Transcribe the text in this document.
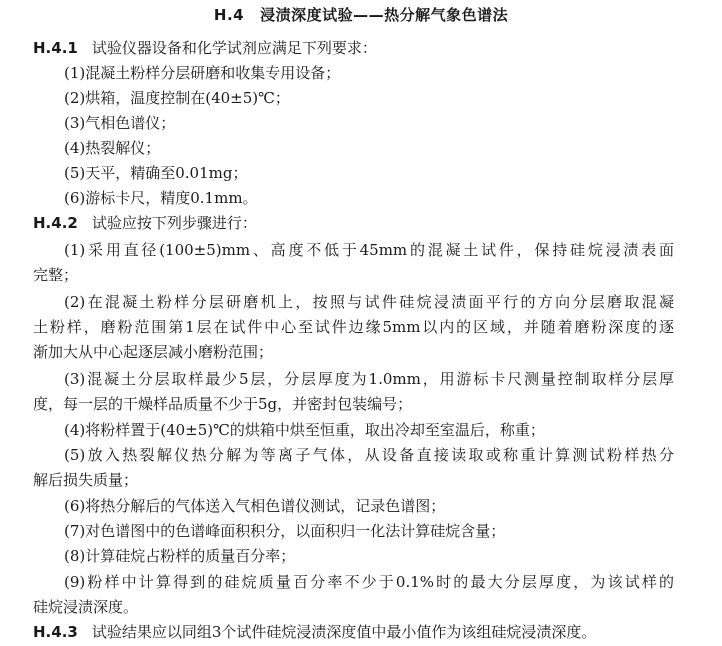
H.4 浸渍深度试验——热分解气象色谱法
H.4.1 试验仪器设备和化学试剂应满足下列要求：
(1)混凝土粉样分层研磨和收集专用设备；
(2)烘箱，温度控制在(40±5)℃；
(3)气相色谱仪；
(4)热裂解仪；
(5)天平，精确至0.01mg；
(6)游标卡尺，精度0.1mm。
H.4.2 试验应按下列步骤进行：
(1)采用直径(100±5)mm、高度不低于45mm的混凝土试件，保持硅烷浸渍表面
完整；
(2)在混凝土粉样分层研磨机上，按照与试件硅烷浸渍面平行的方向分层磨取混凝
土粉样，磨粉范围第1层在试件中心至试件边缘5mm以内的区域，并随着磨粉深度的逐
渐加大从中心起逐层减小磨粉范围；
(3)混凝土分层取样最少5层，分层厚度为1.0mm，用游标卡尺测量控制取样分层厚
度，每一层的干燥样品质量不少于5g，并密封包装编号；
(4)将粉样置于(40±5)℃的烘箱中烘至恒重，取出冷却至室温后，称重；
(5)放入热裂解仪热分解为等离子气体，从设备直接读取或称重计算测试粉样热分
解后损失质量；
(6)将热分解后的气体送入气相色谱仪测试，记录色谱图；
(7)对色谱图中的色谱峰面积积分，以面积归一化法计算硅烷含量；
(8)计算硅烷占粉样的质量百分率；
(9)粉样中计算得到的硅烷质量百分率不少于0.1%时的最大分层厚度，为该试样的
硅烷浸渍深度。
H.4.3 试验结果应以同组3个试件硅烷浸渍深度值中最小值作为该组硅烷浸渍深度。
